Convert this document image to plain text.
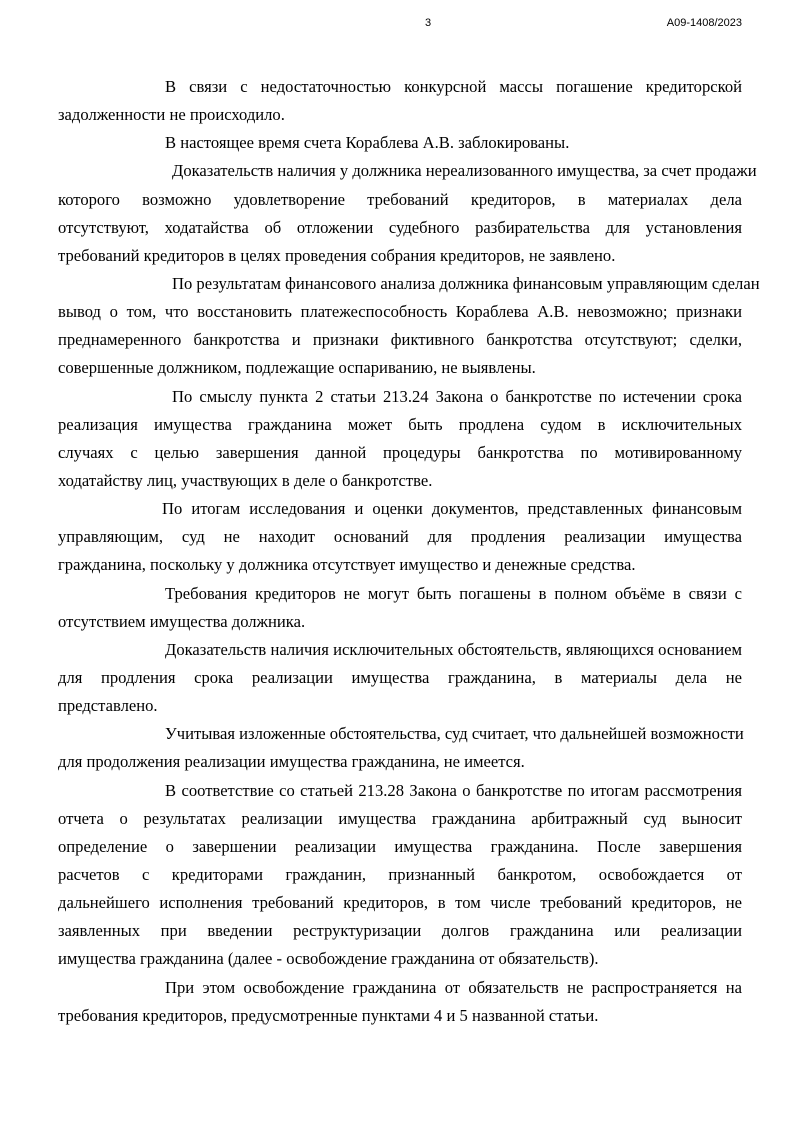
3	А09-1408/2023
В связи с недостаточностью конкурсной массы погашение кредиторской
задолженности не происходило.
В настоящее время счета Кораблева А.В. заблокированы.
Доказательств наличия у должника нереализованного имущества, за счет продажи
которого возможно удовлетворение требований кредиторов, в материалах дела
отсутствуют, ходатайства об отложении судебного разбирательства для установления
требований кредиторов в целях проведения собрания кредиторов, не заявлено.
По результатам финансового анализа должника финансовым управляющим сделан
вывод о том, что восстановить платежеспособность Кораблева А.В. невозможно; признаки
преднамеренного банкротства и признаки фиктивного банкротства отсутствуют; сделки,
совершенные должником, подлежащие оспариванию, не выявлены.
По смыслу пункта 2 статьи 213.24 Закона о банкротстве по истечении срока
реализация имущества гражданина может быть продлена судом в исключительных
случаях с целью завершения данной процедуры банкротства по мотивированному
ходатайству лиц, участвующих в деле о банкротстве.
По итогам исследования и оценки документов, представленных финансовым
управляющим, суд не находит оснований для продления реализации имущества
гражданина, поскольку у должника отсутствует имущество и денежные средства.
Требования кредиторов не могут быть погашены в полном объёме в связи с
отсутствием имущества должника.
Доказательств наличия исключительных обстоятельств, являющихся основанием
для продления срока реализации имущества гражданина, в материалы дела не
представлено.
Учитывая изложенные обстоятельства, суд считает, что дальнейшей возможности
для продолжения реализации имущества гражданина, не имеется.
В соответствие со статьей 213.28 Закона о банкротстве по итогам рассмотрения
отчета о результатах реализации имущества гражданина арбитражный суд выносит
определение о завершении реализации имущества гражданина. После завершения
расчетов с кредиторами гражданин, признанный банкротом, освобождается от
дальнейшего исполнения требований кредиторов, в том числе требований кредиторов, не
заявленных при введении реструктуризации долгов гражданина или реализации
имущества гражданина (далее - освобождение гражданина от обязательств).
При этом освобождение гражданина от обязательств не распространяется на
требования кредиторов, предусмотренные пунктами 4 и 5 названной статьи.
